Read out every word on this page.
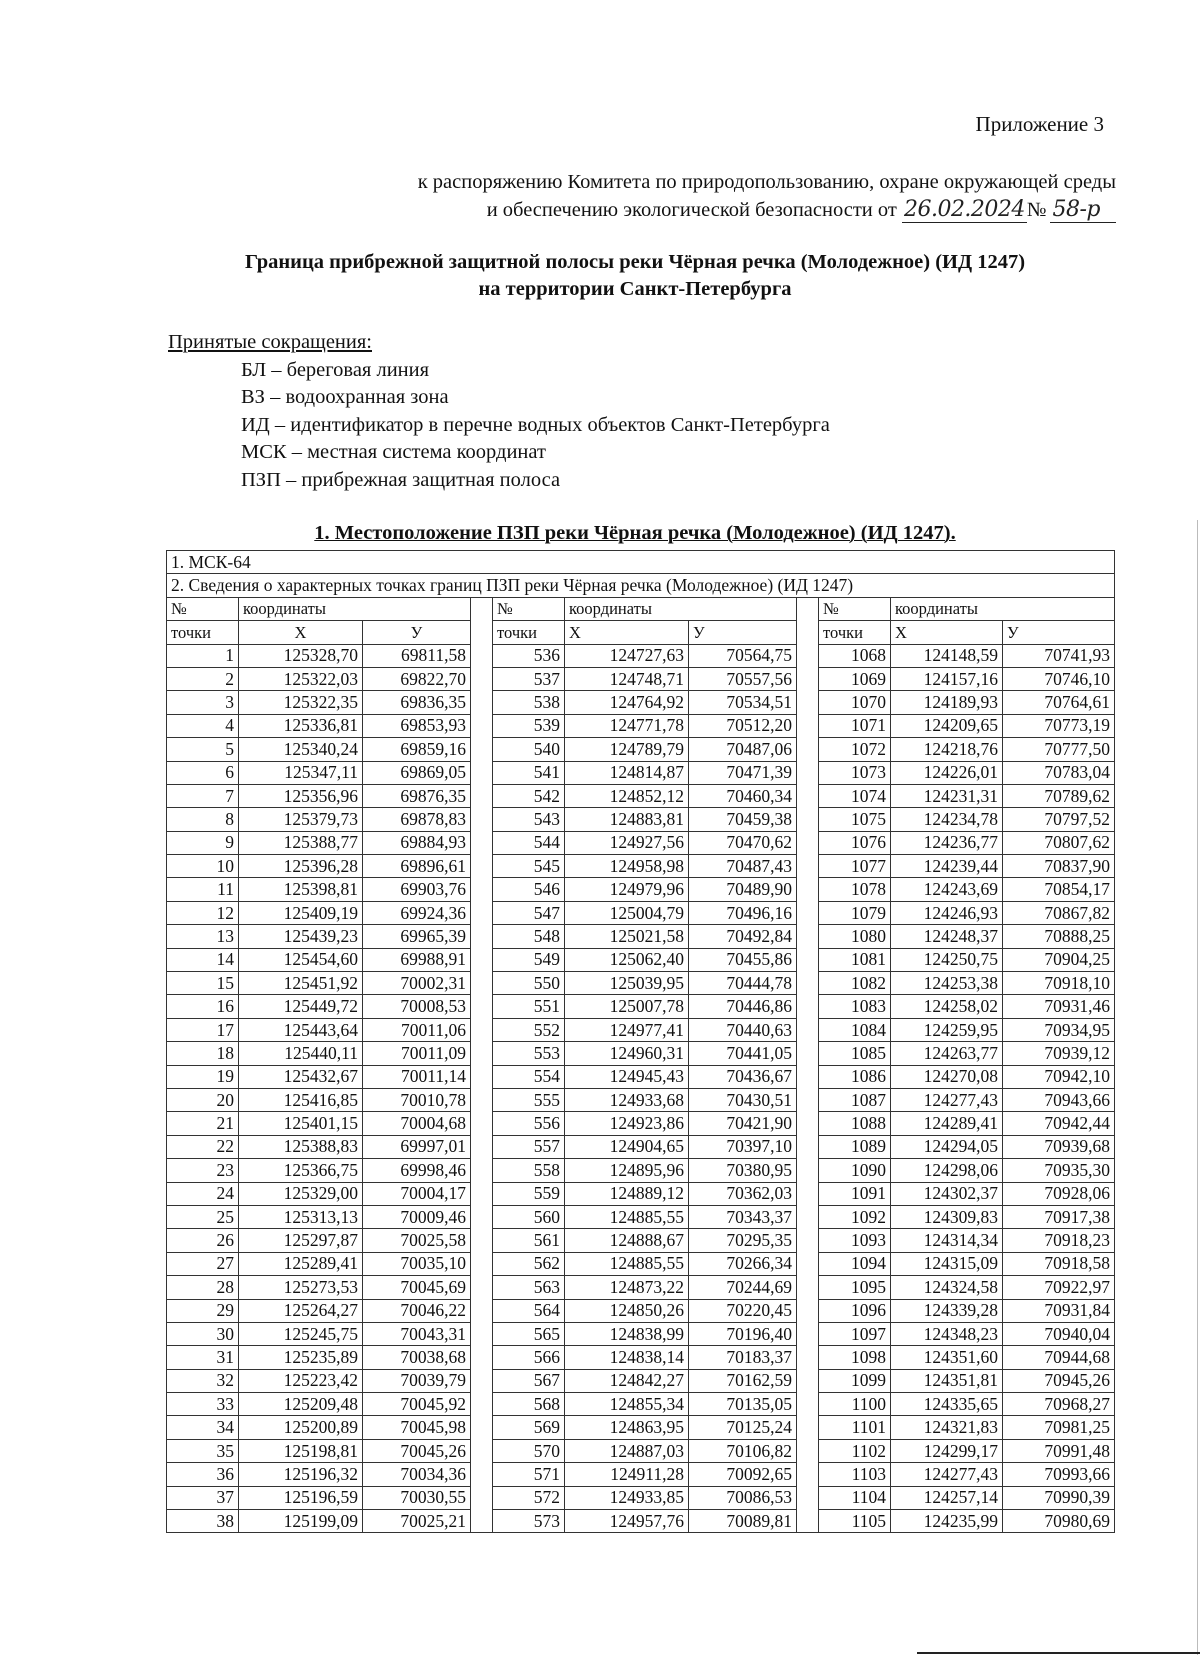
Приложение 3
к распоряжению Комитета по природопользованию, охране окружающей среды
и обеспечению экологической безопасности от 26.02.2024№ 58-р
Граница прибрежной защитной полосы реки Чёрная речка (Молодежное) (ИД 1247)
на территории Санкт-Петербурга
Принятые сокращения:
БЛ – береговая линия
ВЗ – водоохранная зона
ИД – идентификатор в перечне водных объектов Санкт-Петербурга
МСК – местная система координат
ПЗП – прибрежная защитная полоса
1. Местоположение ПЗП реки Чёрная речка (Молодежное) (ИД 1247).
1. МСК-64										
2. Сведения о характерных точках границ ПЗП реки Чёрная речка (Молодежное) (ИД 1247)										
№	координаты			№	координаты			№	координаты	
точки	Х	У		точки	Х	У		точки	Х	У
1	125328,70	69811,58		536	124727,63	70564,75		1068	124148,59	70741,93
2	125322,03	69822,70		537	124748,71	70557,56		1069	124157,16	70746,10
3	125322,35	69836,35		538	124764,92	70534,51		1070	124189,93	70764,61
4	125336,81	69853,93		539	124771,78	70512,20		1071	124209,65	70773,19
5	125340,24	69859,16		540	124789,79	70487,06		1072	124218,76	70777,50
6	125347,11	69869,05		541	124814,87	70471,39		1073	124226,01	70783,04
7	125356,96	69876,35		542	124852,12	70460,34		1074	124231,31	70789,62
8	125379,73	69878,83		543	124883,81	70459,38		1075	124234,78	70797,52
9	125388,77	69884,93		544	124927,56	70470,62		1076	124236,77	70807,62
10	125396,28	69896,61		545	124958,98	70487,43		1077	124239,44	70837,90
11	125398,81	69903,76		546	124979,96	70489,90		1078	124243,69	70854,17
12	125409,19	69924,36		547	125004,79	70496,16		1079	124246,93	70867,82
13	125439,23	69965,39		548	125021,58	70492,84		1080	124248,37	70888,25
14	125454,60	69988,91		549	125062,40	70455,86		1081	124250,75	70904,25
15	125451,92	70002,31		550	125039,95	70444,78		1082	124253,38	70918,10
16	125449,72	70008,53		551	125007,78	70446,86		1083	124258,02	70931,46
17	125443,64	70011,06		552	124977,41	70440,63		1084	124259,95	70934,95
18	125440,11	70011,09		553	124960,31	70441,05		1085	124263,77	70939,12
19	125432,67	70011,14		554	124945,43	70436,67		1086	124270,08	70942,10
20	125416,85	70010,78		555	124933,68	70430,51		1087	124277,43	70943,66
21	125401,15	70004,68		556	124923,86	70421,90		1088	124289,41	70942,44
22	125388,83	69997,01		557	124904,65	70397,10		1089	124294,05	70939,68
23	125366,75	69998,46		558	124895,96	70380,95		1090	124298,06	70935,30
24	125329,00	70004,17		559	124889,12	70362,03		1091	124302,37	70928,06
25	125313,13	70009,46		560	124885,55	70343,37		1092	124309,83	70917,38
26	125297,87	70025,58		561	124888,67	70295,35		1093	124314,34	70918,23
27	125289,41	70035,10		562	124885,55	70266,34		1094	124315,09	70918,58
28	125273,53	70045,69		563	124873,22	70244,69		1095	124324,58	70922,97
29	125264,27	70046,22		564	124850,26	70220,45		1096	124339,28	70931,84
30	125245,75	70043,31		565	124838,99	70196,40		1097	124348,23	70940,04
31	125235,89	70038,68		566	124838,14	70183,37		1098	124351,60	70944,68
32	125223,42	70039,79		567	124842,27	70162,59		1099	124351,81	70945,26
33	125209,48	70045,92		568	124855,34	70135,05		1100	124335,65	70968,27
34	125200,89	70045,98		569	124863,95	70125,24		1101	124321,83	70981,25
35	125198,81	70045,26		570	124887,03	70106,82		1102	124299,17	70991,48
36	125196,32	70034,36		571	124911,28	70092,65		1103	124277,43	70993,66
37	125196,59	70030,55		572	124933,85	70086,53		1104	124257,14	70990,39
38	125199,09	70025,21		573	124957,76	70089,81		1105	124235,99	70980,69
